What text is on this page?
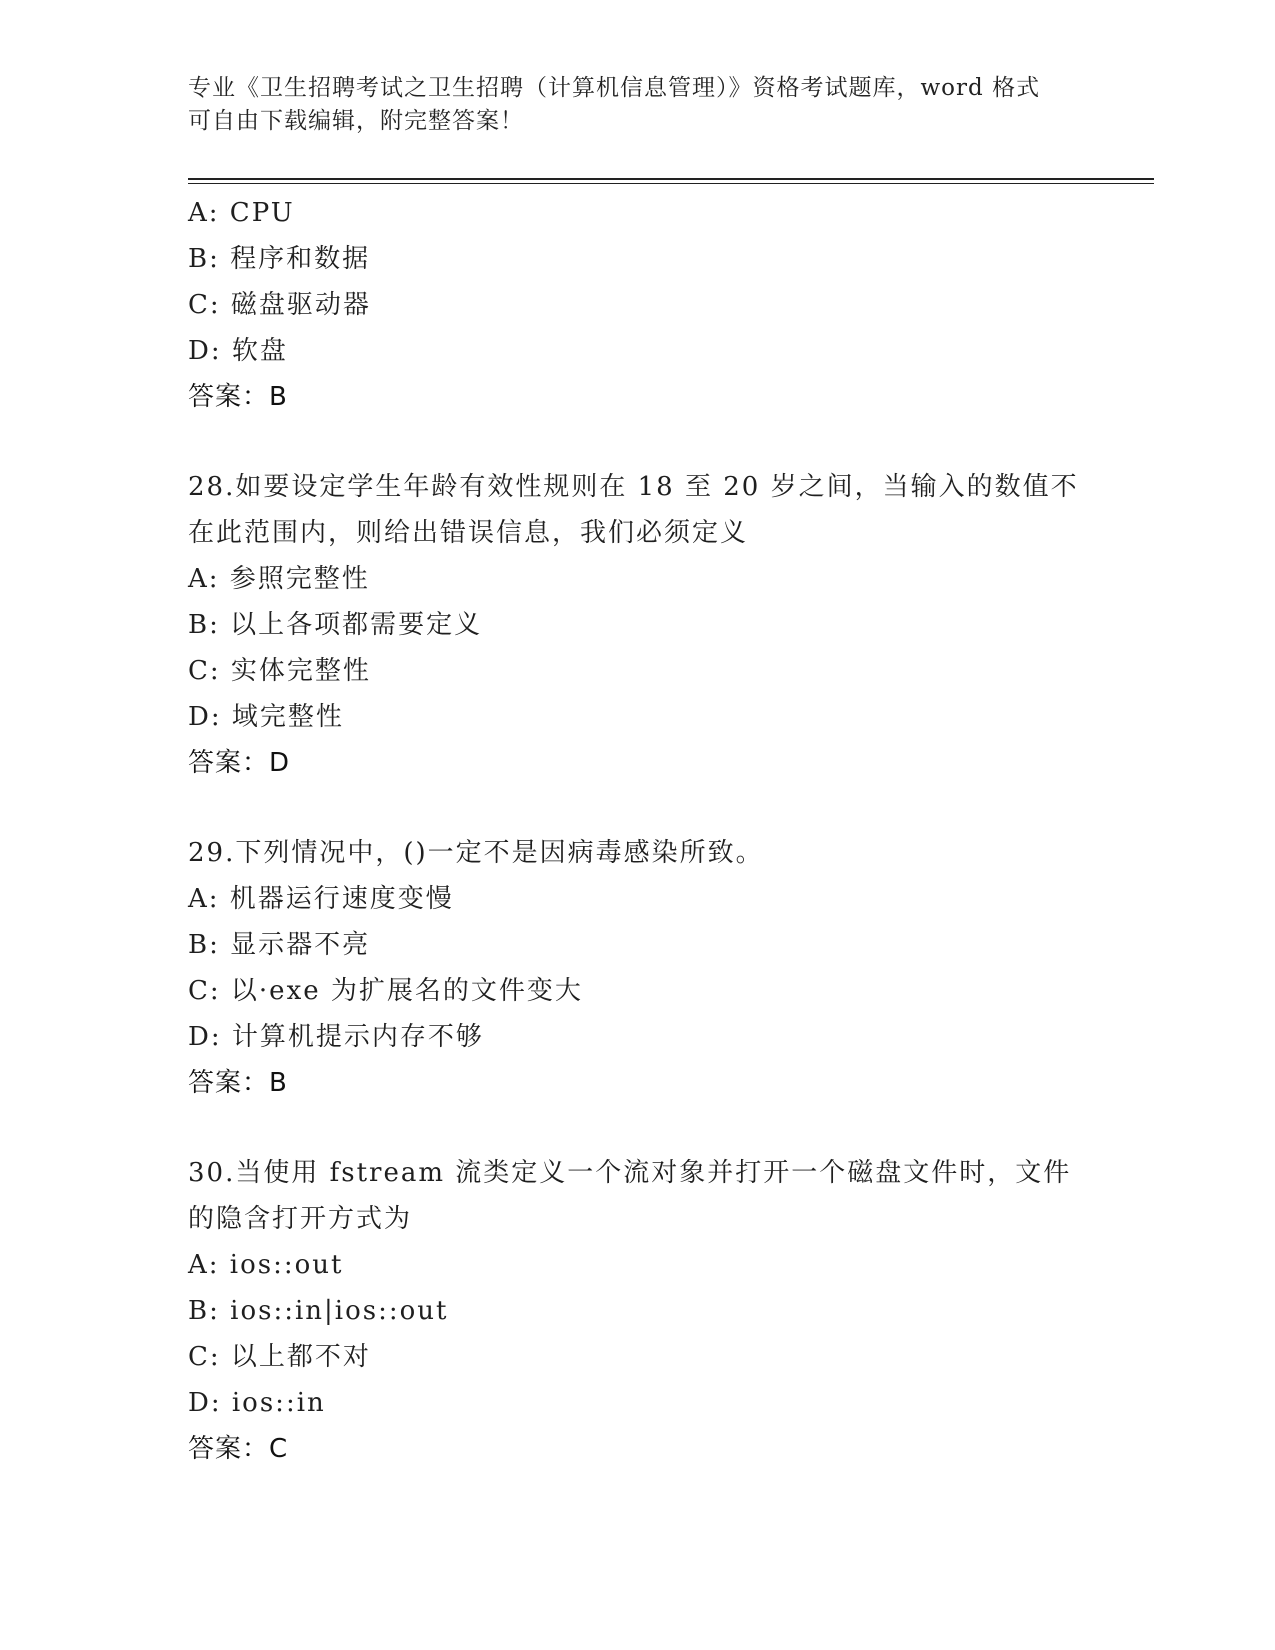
专业《卫生招聘考试之卫生招聘（计算机信息管理）》资格考试题库，word 格式
可自由下载编辑，附完整答案！
A: CPU
B: 程序和数据
C: 磁盘驱动器
D: 软盘
答案：B
28.如要设定学生年龄有效性规则在 18 至 20 岁之间，当输入的数值不
在此范围内，则给出错误信息，我们必须定义
A: 参照完整性
B: 以上各项都需要定义
C: 实体完整性
D: 域完整性
答案：D
29.下列情况中，()一定不是因病毒感染所致。
A: 机器运行速度变慢
B: 显示器不亮
C: 以·exe 为扩展名的文件变大
D: 计算机提示内存不够
答案：B
30.当使用 fstream 流类定义一个流对象并打开一个磁盘文件时，文件
的隐含打开方式为
A: ios::out
B: ios::in|ios::out
C: 以上都不对
D: ios::in
答案：C
